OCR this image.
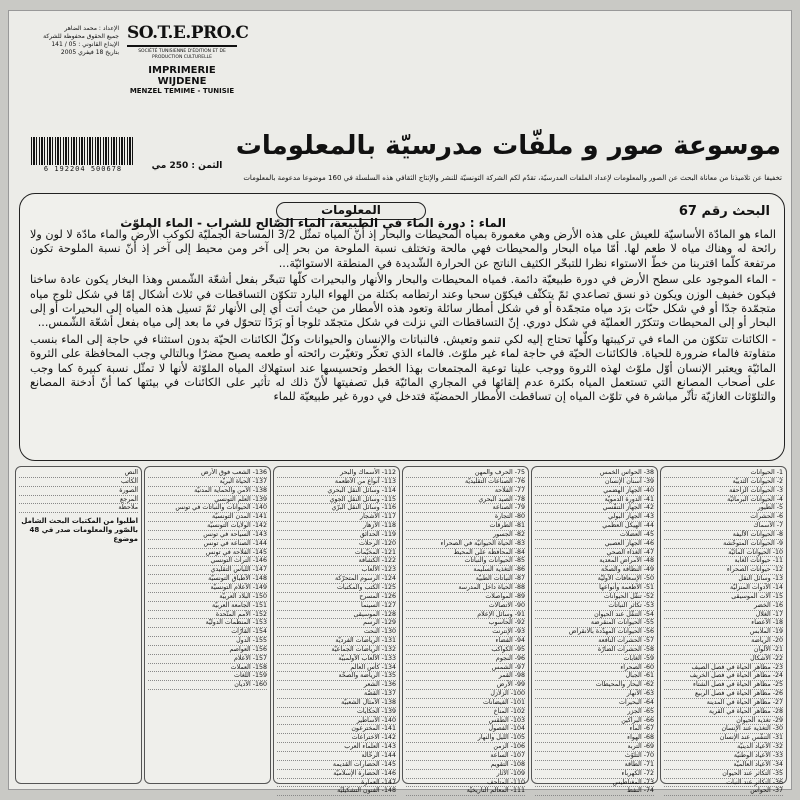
الإعداد : محمد الضاهر
جميع الحقوق محفوظة للشركة
الإيداع القانوني : 05 / 141
بتاريخ 18 فيفري 2005
SO.T.E.PRO.C
SOCIÉTÉ TUNISIENNE D'ÉDITION ET DE PRODUCTION CULTURELLE
IMPRIMERIE WIJDENE
MENZEL TEMIME - TUNISIE
6 192204 500678	الثمن : 250 مي
موسوعة صور و ملفّات مدرسيّة بالمعلومات
تخفيفا عن تلاميذنا من معاناة البحث عن الصور والمعلومات لإعداد الملفات المدرسيّة، تقدّم لكم الشركة التونسيّة للنشر والإنتاج الثقافي هذه السلسلة في 160 موضوعا مدعومة بالمعلومات
البحث رقم 67
المعلومات
الماء : دورة الماء في الطبيعة، الماء الصّالح للشراب - الماء الملوّث

الماء هو المادّة الأساسيّة للعيش على هذه الأرض وهي مغمورة بمياه المحيطات والبحار إذ أنّ المياه تمثّل 3/2 المساحة الجمليّة لكوكب الأرض والماء مادّة لا لون ولا رائحة له وهناك مياه لا طعم لها. أمّا مياه البحار والمحيطات فهي مالحة وتختلف نسبة الملوحة من بحر إلى آخر ومن محيط إلى آخر إذ أنّ نسبة الملوحة تكون مرتفعة كلّما اقتربنا من خطّ الاستواء نظرا للتبخّر الكثيف الناتج عن الحرارة الشّديدة في المنطقة الاستوائيّة...

- الماء الموجود على سطح الأرض في دورة طبيعيّة دائمة. فمياه المحيطات والبحار والأنهار والبحيرات كلّها تتبخّر بفعل أشعّة الشّمس وهذا البخار يكون عادة ساخنا فيكون خفيف الوزن ويكون ذو نسق تصاعدي ثمّ يتكثّف فيكوّن سحبا وعند ارتطامه بكتلة من الهواء البارد تتكوّن التساقطات في ثلاث أشكال إمّا في شكل ثلوج مياه متجمّدة جدّا أو في شكل حبّات برَد مياه متجمّدة أو في شكل أمطار سائلة وتعود هذه الأمطار من حيث أتت أي إلى الأنهار ثمّ تسيل هذه المياه إلى البحيرات أو إلى البحار أو إلى المحيطات وتتكرّر العمليّة في شكل دوري. إنّ التساقطات التي نزلت في شكل متجمّد ثلوجا أو بَرَدًا تتحوّل في ما بعد إلى مياه بفعل أشعّة الشّمس...

- الكائنات تتكوّن من الماء في تركيبتها وكلّها تحتاج إليه لكي تنمو وتعيش. فالنباتات والإنسان والحيوانات وكلّ الكائنات الحيّة بدون استثناء في حاجة إلى الماء بنسب متفاوتة فالماء ضرورة للحياة. فالكائنات الحيّة في حاجة لماء غير ملوّث. فالماء الذي تعكّر وتغيّرت رائحته أو طعمه يصبح مضرّا وبالتالي وجب المحافظة على الثروة المائيّة ويعتبر الإنسان أوّل ملوّث لهذه الثروة ووجب علينا توعية المجتمعات بهذا الخطر وتحسيسها عند استهلاك المياه الملوّثة لأنها لا تمثّل نسبة كبيرة كما وجب على أصحاب المصانع التي تستعمل المياه بكثرة عدم إلقائها في المجاري المائيّة قبل تصفيتها لأنّ ذلك له تأثير على الكائنات في بيئتها كما أنّ أدخنة المصانع والتلوّثات الغازيّة تأثّر مباشرة في تلوّث المياه إن تساقطت الأمطار الحمضيّة فتدخل في دورة غير طبيعيّة للماء

1- الحيوانات
2- الحيوانات الثدييّة
3- الحيوانات الزاحفة
4- الحيوانات البرمائيّة
5- الطيور
6- الحشرات
7- الأسماك
8- الحيوانات الأليفة
9- الحيوانات المتوحّشة
10- الحيوانات المائيّة
11- حيوانات الغابة
12- حيوانات الصحراء
13- وسائل النقل
14- الأدوات المنزليّة
15- آلات الموسيقى
16- الخضر
17- الغلال
18- الأعضاء
19- الملابس
20- الرياضة
21- الألوان
22- الأشكال
23- مظاهر الحياة في فصل الصيف
24- مظاهر الحياة في فصل الخريف
25- مظاهر الحياة في فصل الشتاء
26- مظاهر الحياة في فصل الربيع
27- مظاهر الحياة في المدينة
28- مظاهر الحياة في القرية
29- تغذية الحيوان
30- التغذية عند الإنسان
31- التنفّس عند الإنسان
32- الأعياد الدينيّة
33- الأعياد الوطنيّة
34- الأعياد العالميّة
35- التكاثر عند الحيوان
36- التكاثر عند النبات
37- الحواس
38- الحواس الخمس
39- أسنان الإنسان
40- الجهاز الهضمي
41- الدورة الدمويّة
42- الجهاز التنفّسي
43- الجهاز البولي
44- الهيكل العظمي
45- العضلات
46- الجهاز العصبي
47- الغذاء الصحي
48- الأمراض المعدية
49- النظافة والصحّة
50- الإسعافات الأوليّة
51- الأطعمة وأنواعها
52- تنقّل الحيوانات
53- تكاثر النباتات
54- التنقّل عند الحيوان
55- الحيوانات المنقرضة
56- الحيوانات المهدّدة بالانقراض
57- الحشرات النافعة
58- الحشرات الضارّة
59- الغابات
60- الصحراء
61- الجبال
62- البحار والمحيطات
63- الأنهار
64- البحيرات
65- الجزر
66- البراكين
67- الماء
68- الهواء
69- التربة
70- التلوّث
71- الطاقة
72- الكهرباء
73- المغناطيس
74- النفط
75- الحرف والمهن
76- الصناعات التقليديّة
77- الفلاحة
78- الصيد البحري
79- الصناعة
80- التجارة
81- الطرقات
82- الجسور
83- الحياة الحيوانيّة في الصحراء
84- المحافظة على المحيط
85- الحيوانات والنباتات
86- التغذية السليمة
87- النباتات الطبيّة
88- الحياة داخل المدرسة
89- المواصلات
90- الاتصالات
91- وسائل الإعلام
92- الحاسوب
93- الإنترنت
94- الفضاء
95- الكواكب
96- النجوم
97- الشمس
98- القمر
99- الأرض
100- الزلازل
101- الفيضانات
102- المناخ
103- الطقس
104- الفصول
105- الليل والنهار
106- الزمن
107- الساعة
108- التقويم
109- الآثار
110- المتاحف
111- المعالم التاريخيّة
112- الأسماك والبحر
113- أنواع من الأطعمة
114- وسائل النقل البحري
115- وسائل النقل الجوي
116- وسائل النقل البرّي
117- الأشجار
118- الأزهار
119- الحدائق
120- الرحلات
121- المخيّمات
122- الكشافة
123- الألعاب
124- الرسوم المتحرّكة
125- الكتب والمكتبات
126- المسرح
127- السينما
128- الموسيقى
129- الرسم
130- النحت
131- الرياضات الفرديّة
132- الرياضات الجماعيّة
133- الألعاب الأولمبيّة
134- كأس العالم
135- الرياضة والصحّة
136- الشعر
137- القصّة
138- الأمثال الشعبيّة
139- الحكايات
140- الأساطير
141- المخترعون
142- الاختراعات
143- العلماء العرب
144- الرحّالة
145- الحضارات القديمة
146- الحضارة الإسلاميّة
147- العمارة
148- الفنون التشكيليّة
136- الشعب فوق الأرض
137- الحياة البريّة
138- الأمن والحماية المدنيّة
139- العلم التونسي
140- الحيوانات والنباتات في تونس
141- المدن التونسيّة
142- الولايات التونسيّة
143- السياحة في تونس
144- الصناعة في تونس
145- الفلاحة في تونس
146- التراث التونسي
147- اللباس التقليدي
148- الأطباق التونسيّة
149- الأعلام التونسيّة
150- البلاد العربيّة
151- الجامعة العربيّة
152- الأمم المتّحدة
153- المنظمات الدوليّة
154- القارّات
155- الدول
156- العواصم
157- الأعلام
158- العملات
159- اللغات
160- الأديان
النص
الكاتب
الصورة
المرجع
ملاحظة
اطلبوا من المكتبات البحث الشامل بالصّور والمعلومات صدر في 48 موضوع
